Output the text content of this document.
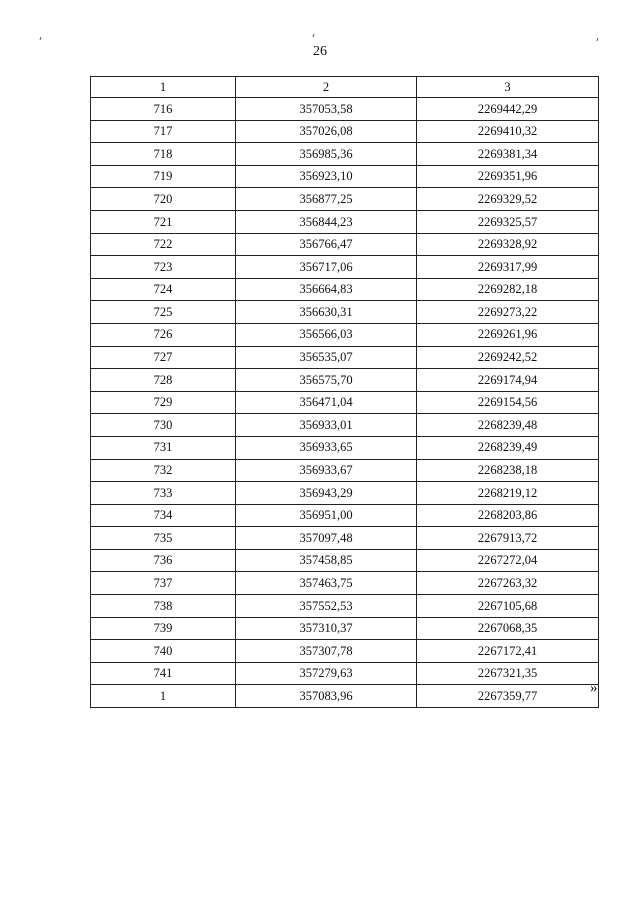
26
1	2	3
716	357053,58	2269442,29
717	357026,08	2269410,32
718	356985,36	2269381,34
719	356923,10	2269351,96
720	356877,25	2269329,52
721	356844,23	2269325,57
722	356766,47	2269328,92
723	356717,06	2269317,99
724	356664,83	2269282,18
725	356630,31	2269273,22
726	356566,03	2269261,96
727	356535,07	2269242,52
728	356575,70	2269174,94
729	356471,04	2269154,56
730	356933,01	2268239,48
731	356933,65	2268239,49
732	356933,67	2268238,18
733	356943,29	2268219,12
734	356951,00	2268203,86
735	357097,48	2267913,72
736	357458,85	2267272,04
737	357463,75	2267263,32
738	357552,53	2267105,68
739	357310,37	2267068,35
740	357307,78	2267172,41
741	357279,63	2267321,35
1	357083,96	2267359,77	»
